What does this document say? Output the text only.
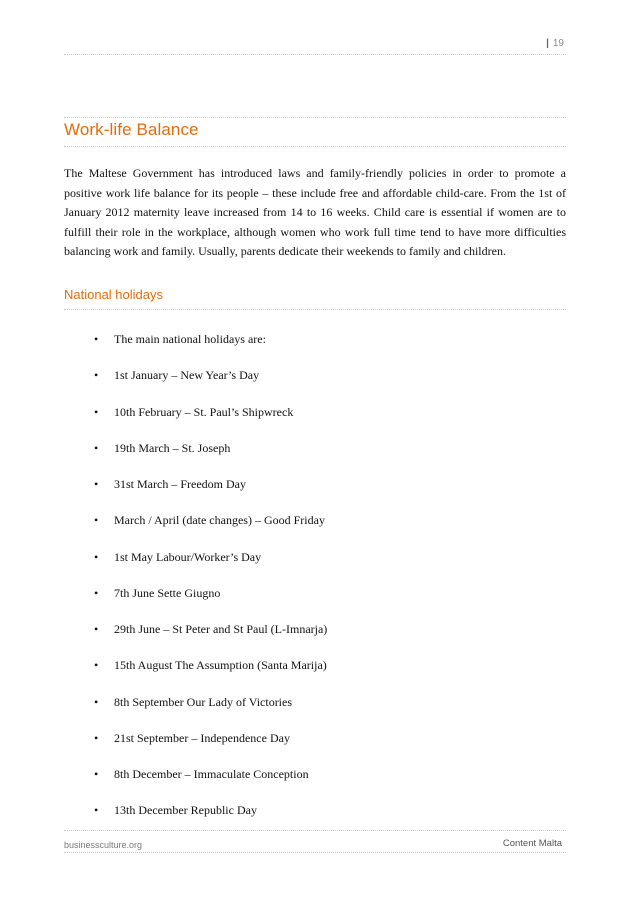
| 19
Work-life Balance

The Maltese Government has introduced laws and family-friendly policies in order to promote a positive work life balance for its people – these include free and affordable child-care. From the 1st of January 2012 maternity leave increased from 14 to 16 weeks. Child care is essential if women are to fulfill their role in the workplace, although women who work full time tend to have more difficulties balancing work and family. Usually, parents dedicate their weekends to family and children.

National holidays
• The main national holidays are:
• 1st January – New Year’s Day
• 10th February – St. Paul’s Shipwreck
• 19th March – St. Joseph
• 31st March – Freedom Day
• March / April (date changes) – Good Friday
• 1st May Labour/Worker’s Day
• 7th June Sette Giugno
• 29th June – St Peter and St Paul (L-Imnarja)
• 15th August The Assumption (Santa Marija)
• 8th September Our Lady of Victories
• 21st September – Independence Day
• 8th December – Immaculate Conception
• 13th December Republic Day
businessculture.org	Content Malta
